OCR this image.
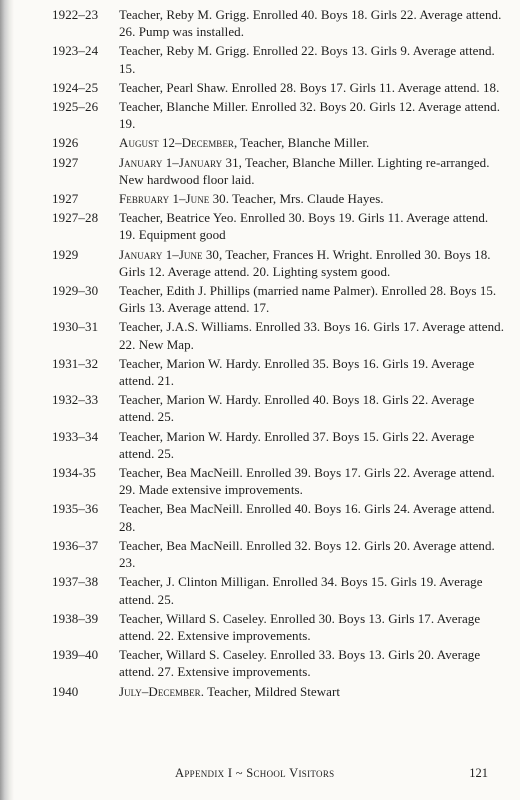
1922–23	Teacher, Reby M. Grigg. Enrolled 40. Boys 18. Girls 22. Average attend. 26. Pump was installed.
1923–24	Teacher, Reby M. Grigg. Enrolled 22. Boys 13. Girls 9. Average attend. 15.
1924–25	Teacher, Pearl Shaw. Enrolled 28. Boys 17. Girls 11. Average attend. 18.
1925–26	Teacher, Blanche Miller. Enrolled 32. Boys 20. Girls 12. Average attend. 19.
1926	August 12–December, Teacher, Blanche Miller.
1927	January 1–January 31, Teacher, Blanche Miller. Lighting re-arranged. New hardwood floor laid.
1927	February 1–June 30. Teacher, Mrs. Claude Hayes.
1927–28	Teacher, Beatrice Yeo. Enrolled 30. Boys 19. Girls 11. Average attend. 19. Equipment good
1929	January 1–June 30, Teacher, Frances H. Wright. Enrolled 30. Boys 18. Girls 12. Average attend. 20. Lighting system good.
1929–30	Teacher, Edith J. Phillips (married name Palmer). Enrolled 28. Boys 15. Girls 13. Average attend. 17.
1930–31	Teacher, J.A.S. Williams. Enrolled 33. Boys 16. Girls 17. Average attend. 22. New Map.
1931–32	Teacher, Marion W. Hardy. Enrolled 35. Boys 16. Girls 19. Average attend. 21.
1932–33	Teacher, Marion W. Hardy. Enrolled 40. Boys 18. Girls 22. Average attend. 25.
1933–34	Teacher, Marion W. Hardy. Enrolled 37. Boys 15. Girls 22. Average attend. 25.
1934-35	Teacher, Bea MacNeill. Enrolled 39. Boys 17. Girls 22. Average attend. 29. Made extensive improvements.
1935–36	Teacher, Bea MacNeill. Enrolled 40. Boys 16. Girls 24. Average attend. 28.
1936–37	Teacher, Bea MacNeill. Enrolled 32. Boys 12. Girls 20. Average attend. 23.
1937–38	Teacher, J. Clinton Milligan. Enrolled 34. Boys 15. Girls 19. Average attend. 25.
1938–39	Teacher, Willard S. Caseley. Enrolled 30. Boys 13. Girls 17. Average attend. 22. Extensive improvements.
1939–40	Teacher, Willard S. Caseley. Enrolled 33. Boys 13. Girls 20. Average attend. 27. Extensive improvements.
1940	July–December. Teacher, Mildred Stewart
Appendix I ~ School Visitors	121
